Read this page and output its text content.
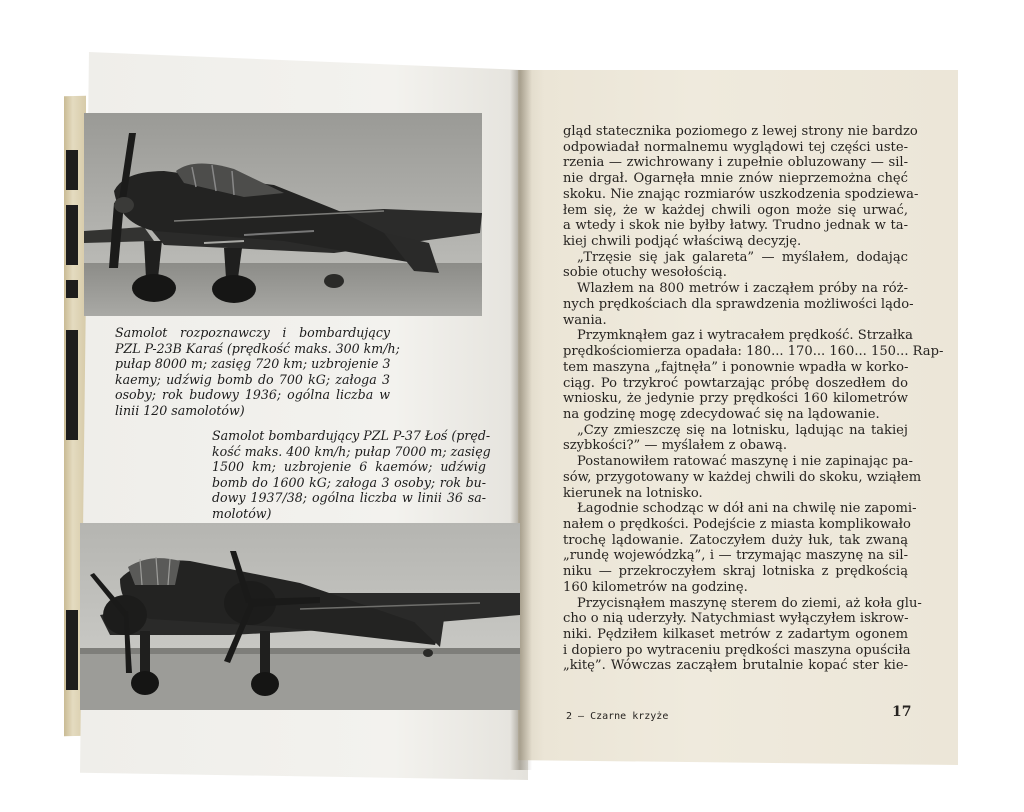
Samolot rozpoznawczy i bombardujący
PZL P-23B Karaś (prędkość maks. 300 km/h;
pułap 8000 m; zasięg 720 km; uzbrojenie 3
kaemy; udźwig bomb do 700 kG; załoga 3
osoby; rok budowy 1936; ogólna liczba w
linii 120 samolotów)
Samolot bombardujący PZL P-37 Łoś (pręd-
kość maks. 400 km/h; pułap 7000 m; zasięg
1500 km; uzbrojenie 6 kaemów; udźwig
bomb do 1600 kG; załoga 3 osoby; rok bu-
dowy 1937/38; ogólna liczba w linii 36 sa-
molotów)
gląd statecznika poziomego z lewej strony nie bardzo
odpowiadał normalnemu wyglądowi tej części uste-
rzenia — zwichrowany i zupełnie obluzowany — sil-
nie drgał. Ogarnęła mnie znów nieprzemożna chęć
skoku. Nie znając rozmiarów uszkodzenia spodziewa-
łem się, że w każdej chwili ogon może się urwać,
a wtedy i skok nie byłby łatwy. Trudno jednak w ta-
kiej chwili podjąć właściwą decyzję.
„Trzęsie się jak galareta” — myślałem, dodając
sobie otuchy wesołością.
Wlazłem na 800 metrów i zacząłem próby na róż-
nych prędkościach dla sprawdzenia możliwości lądo-
wania.
Przymknąłem gaz i wytracałem prędkość. Strzałka
prędkościomierza opadała: 180... 170... 160... 150... Rap-
tem maszyna „fajtnęła” i ponownie wpadła w korko-
ciąg. Po trzykroć powtarzając próbę doszedłem do
wniosku, że jedynie przy prędkości 160 kilometrów
na godzinę mogę zdecydować się na lądowanie.
„Czy zmieszczę się na lotnisku, lądując na takiej
szybkości?” — myślałem z obawą.
Postanowiłem ratować maszynę i nie zapinając pa-
sów, przygotowany w każdej chwili do skoku, wziąłem
kierunek na lotnisko.
Łagodnie schodząc w dół ani na chwilę nie zapomi-
nałem o prędkości. Podejście z miasta komplikowało
trochę lądowanie. Zatoczyłem duży łuk, tak zwaną
„rundę wojewódzką”, i — trzymając maszynę na sil-
niku — przekroczyłem skraj lotniska z prędkością
160 kilometrów na godzinę.
Przycisnąłem maszynę sterem do ziemi, aż koła glu-
cho o nią uderzyły. Natychmiast wyłączyłem iskrow-
niki. Pędziłem kilkaset metrów z zadartym ogonem
i dopiero po wytraceniu prędkości maszyna opuściła
„kitę”. Wówczas zacząłem brutalnie kopać ster kie-
2 — Czarne krzyże	17
